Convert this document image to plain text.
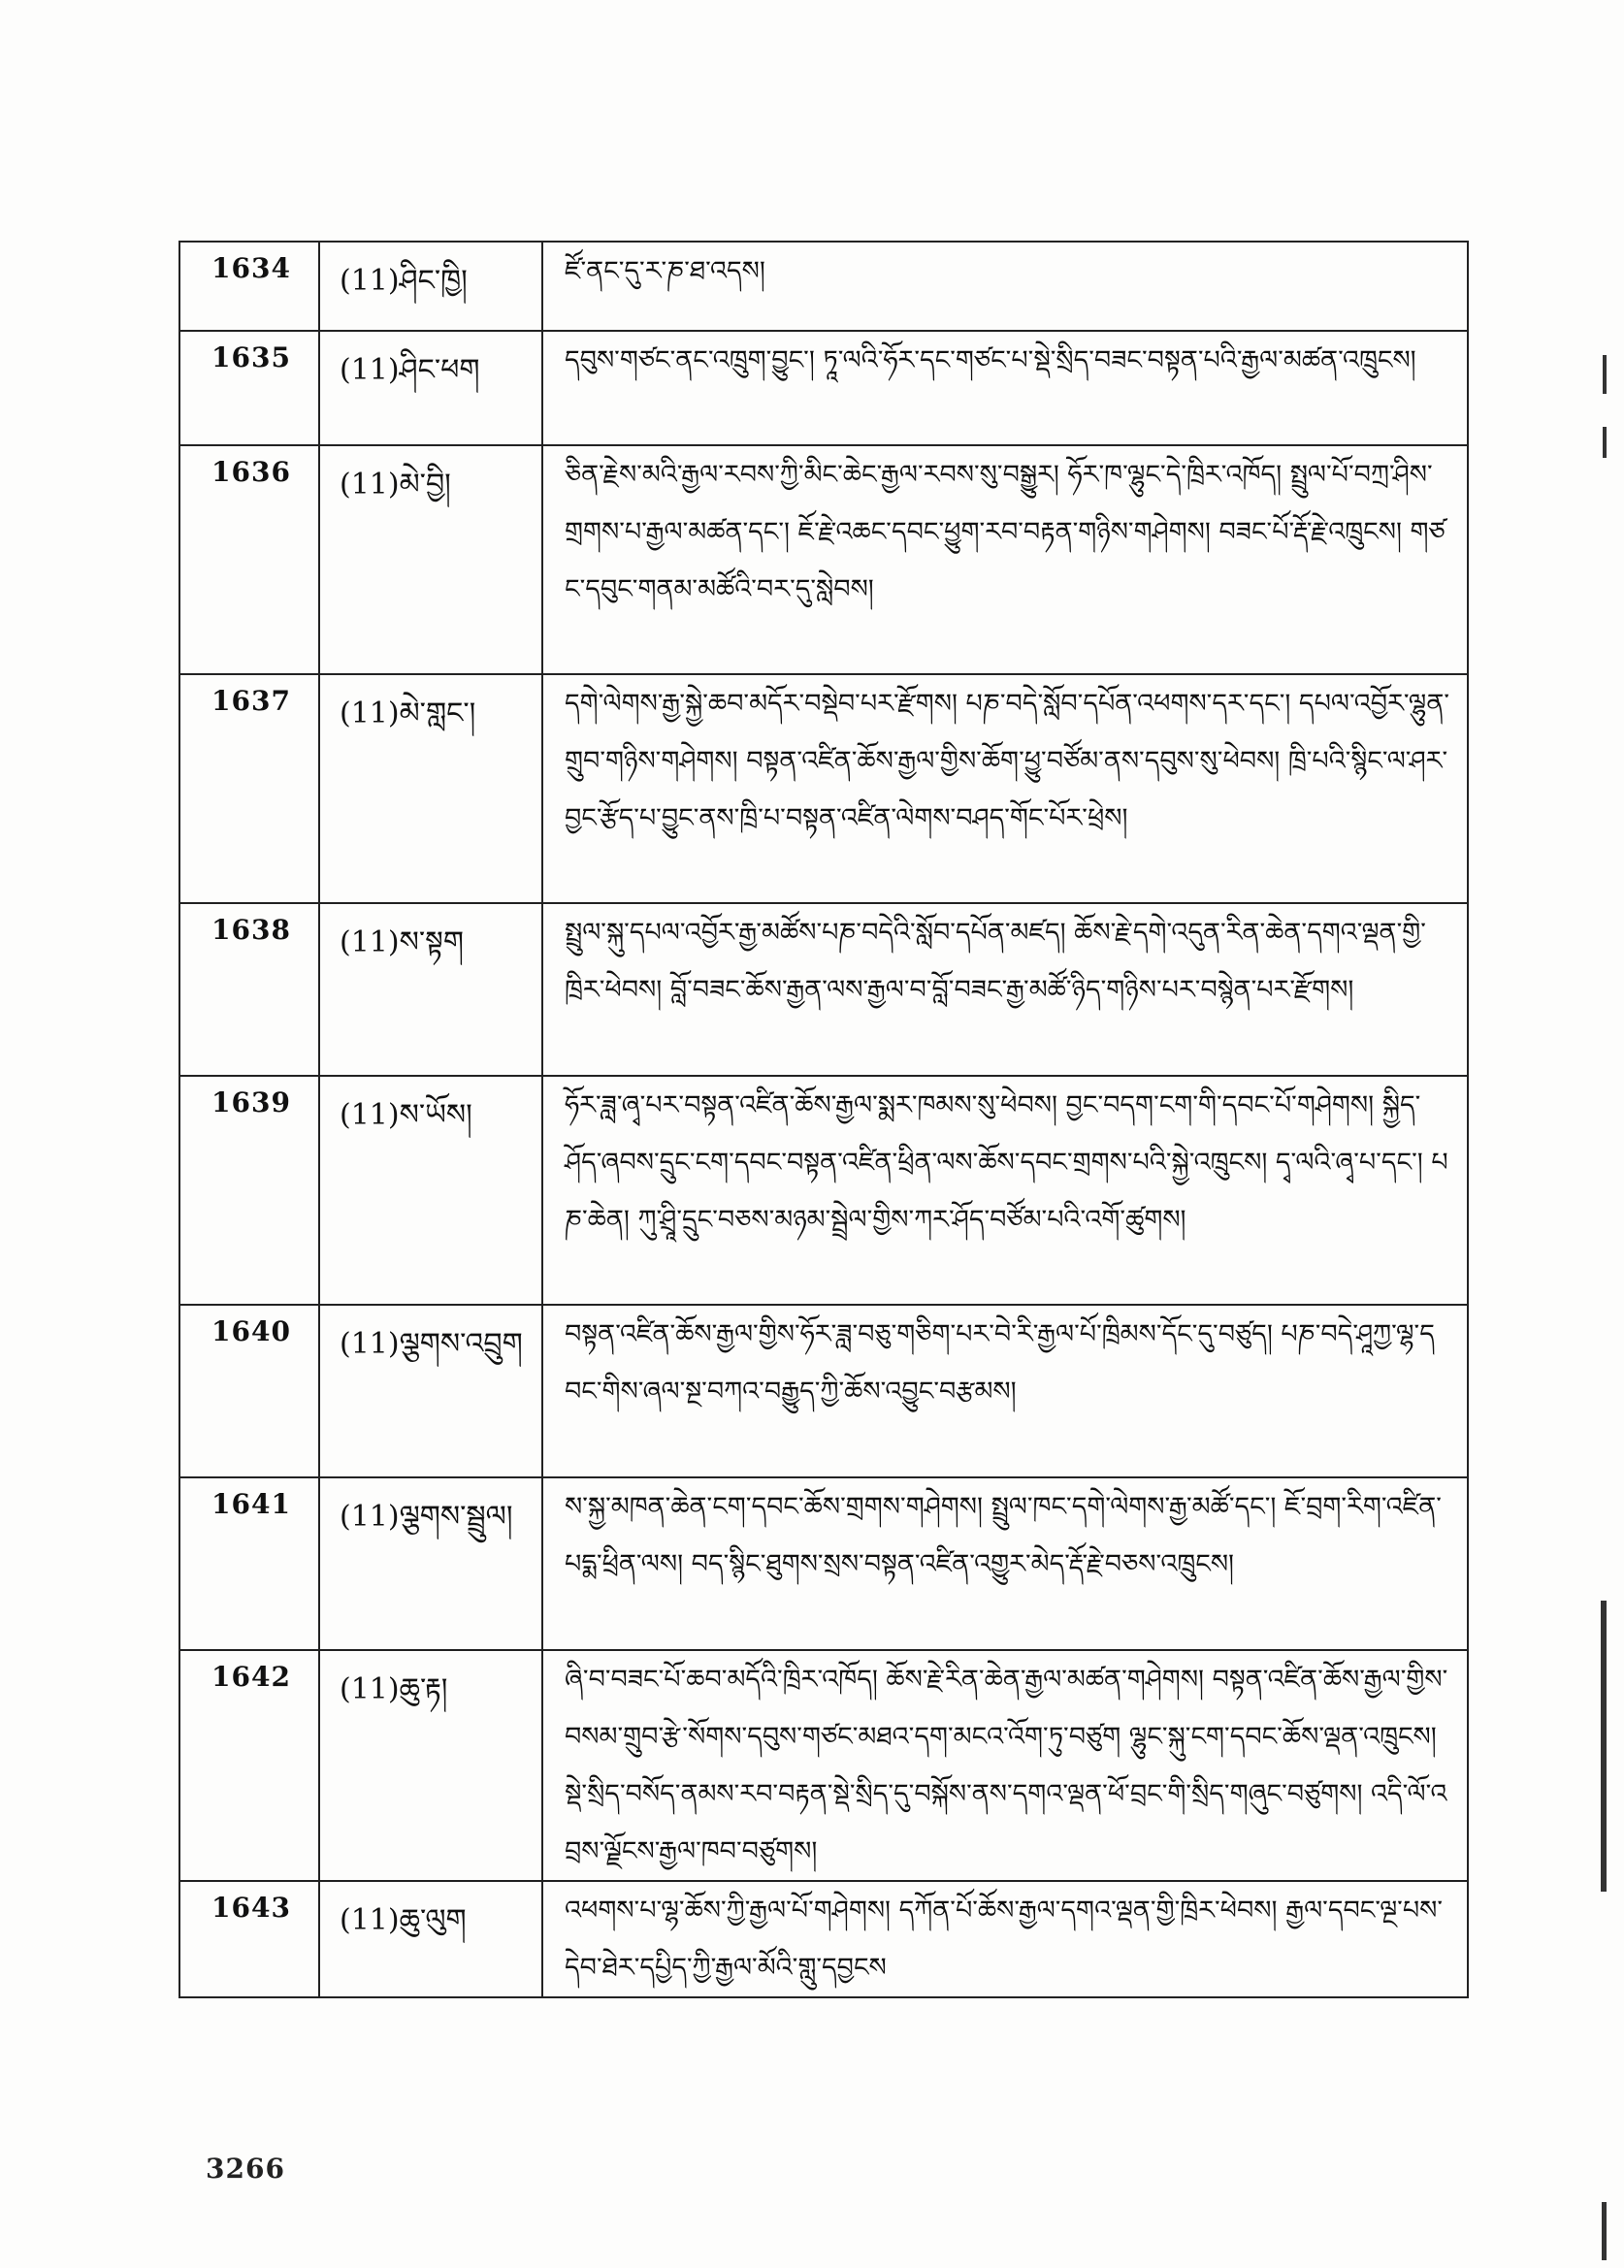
1634	(11)ཤིང་ཁྱི།	ཛོ་ནང་དུ་ར་ཎ་ཐ་འདས།
1635	(11)ཤིང་ཕག	དབུས་གཙང་ནང་འཁྲུག་བྱུང་། ཏཱ་ལའི་ཧོར་དང་གཙང་པ་སྡེ་སྲིད་བཟང་བསྟན་པའི་རྒྱལ་མཚན་འཁྲུངས།
1636	(11)མེ་བྱི།	ཅིན་རྗེས་མའི་རྒྱལ་རབས་ཀྱི་མིང་ཆེང་རྒྱལ་རབས་སུ་བསྒྱུར། ཧོར་ཁ་ལྷུང་དེ་ཁྲིར་འཁོད། སྤྲུལ་པོ་བཀྲ་ཤིས་གྲགས་པ་རྒྱལ་མཚན་དང་། ཇོ་རྗེ་འཆང་དབང་ཕྱུག་རབ་བརྟན་གཉིས་གཤེགས། བཟང་པོ་རྡོ་རྗེ་འཁྲུངས། གཙང་དབུང་གནམ་མཚོའི་བར་དུ་སླེབས།
1637	(11)མེ་གླང་།	དགེ་ལེགས་རྒྱ་སྐྱེ་ཆབ་མདོར་བསྡེབ་པར་རྫོགས། པཎ་བདེ་སློབ་དཔོན་འཕགས་དར་དང་། དཔལ་འབྱོར་ལྷུན་གྲུབ་གཉིས་གཤེགས། བསྟན་འཛིན་ཆོས་རྒྱལ་གྱིས་ཆོག་ཕྱུ་བཙོམ་ནས་དབུས་སུ་ཕེབས། ཁྲི་པའི་སྙིང་ལ་ཤར་བྱང་རྩོད་པ་བྱུང་ནས་ཁྲི་པ་བསྟན་འཛིན་ལེགས་བཤད་གོང་པོར་ཕྲེས།
1638	(11)ས་སྟག	སྤྲུལ་སྐུ་དཔལ་འབྱོར་རྒྱ་མཚོས་པཎ་བདེའི་སློབ་དཔོན་མཛད། ཆོས་རྗེ་དགེ་འདུན་རིན་ཆེན་དགའ་ལྡན་གྱི་ཁྲིར་ཕེབས། བློ་བཟང་ཆོས་རྒྱན་ལས་རྒྱལ་བ་བློ་བཟང་རྒྱ་མཚོ་ཉིད་གཉིས་པར་བསྙེན་པར་རྫོགས།
1639	(11)ས་ཡོས།	ཧོར་ཟླ་ཞྭ་པར་བསྟན་འཛིན་ཆོས་རྒྱལ་སྨར་ཁམས་སུ་ཕེབས། བྱང་བདག་ངག་གི་དབང་པོ་གཤེགས། སྐྱིད་ཤོད་ཞབས་དྲུང་ངག་དབང་བསྟན་འཛིན་ཕྲིན་ལས་ཆོས་དབང་གྲགས་པའི་སྐྱེ་འཁྲུངས། དྭ་ལའི་ཞྭ་པ་དང་། པཎ་ཆེན། ཀུ་ཤྲཱི་དྲུང་བཅས་མཉམ་སྦྲེལ་གྱིས་ཀར་ཤོད་བཙོམ་པའི་འགོ་ཚུགས།
1640	(11)ལྕགས་འབྲུག	བསྟན་འཛིན་ཆོས་རྒྱལ་གྱིས་ཧོར་ཟླ་བཅུ་གཅིག་པར་བེ་རི་རྒྱལ་པོ་ཁྲིམས་དོང་དུ་བཙུད། པཎ་བདེ་ཤཱཀྱ་ལྷ་དབང་གིས་ཞལ་སྔ་བཀའ་བརྒྱུད་ཀྱི་ཆོས་འབྱུང་བརྩམས།
1641	(11)ལྕགས་སྦྲུལ།	ས་སྐྱ་མཁན་ཆེན་ངག་དབང་ཆོས་གྲགས་གཤེགས། སྤྲུལ་ཁང་དགེ་ལེགས་རྒྱ་མཚོ་དང་། ཇོ་བྲག་རིག་འཛིན་པདྨ་ཕྲིན་ལས། བད་སྙིང་ཐུགས་སྲས་བསྟན་འཛིན་འགྱུར་མེད་རྡོ་རྗེ་བཅས་འཁྲུངས།
1642	(11)ཆུ་རྟ།	ཞི་བ་བཟང་པོ་ཆབ་མདོའི་ཁྲིར་འཁོད། ཆོས་རྗེ་རིན་ཆེན་རྒྱལ་མཚན་གཤེགས། བསྟན་འཛིན་ཆོས་རྒྱལ་གྱིས་བསམ་གྲུབ་རྩེ་སོགས་དབུས་གཙང་མཐའ་དག་མངའ་འོག་ཏུ་བཙུག ལྷུང་སྐུ་ངག་དབང་ཆོས་ལྡན་འཁྲུངས། སྡེ་སྲིད་བསོད་ནམས་རབ་བརྟན་སྡེ་སྲིད་དུ་བསྐོས་ནས་དགའ་ལྡན་ཕོ་བྲང་གི་སྲིད་གཞུང་བཙུགས། འདི་ལོ་འབྲས་ལྗོངས་རྒྱལ་ཁབ་བཙུགས།
1643	(11)ཆུ་ལུག	འཕགས་པ་ལྷ་ཆོས་ཀྱི་རྒྱལ་པོ་གཤེགས། དཀོན་པོ་ཆོས་རྒྱལ་དགའ་ལྡན་གྱི་ཁྲིར་ཕེབས། རྒྱལ་དབང་ལྔ་པས་དེབ་ཐེར་དཔྱིད་ཀྱི་རྒྱལ་མོའི་གླུ་དབྱངས
3266
